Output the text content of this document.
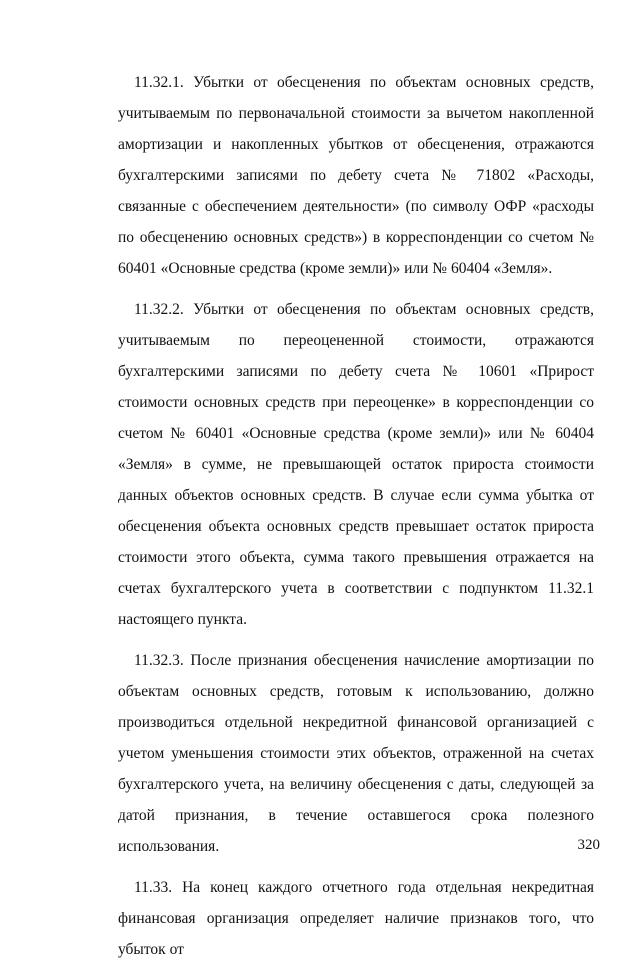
11.32.1. Убытки от обесценения по объектам основных средств, учитываемым по первоначальной стоимости за вычетом накопленной амортизации и накопленных убытков от обесценения, отражаются бухгалтерскими записями по дебету счета № 71802 «Расходы, связанные с обеспечением деятельности» (по символу ОФР «расходы по обесценению основных средств») в корреспонденции со счетом № 60401 «Основные средства (кроме земли)» или № 60404 «Земля».

11.32.2. Убытки от обесценения по объектам основных средств, учитываемым по переоцененной стоимости, отражаются бухгалтерскими записями по дебету счета № 10601 «Прирост стоимости основных средств при переоценке» в корреспонденции со счетом № 60401 «Основные средства (кроме земли)» или № 60404 «Земля» в сумме, не превышающей остаток прироста стоимости данных объектов основных средств. В случае если сумма убытка от обесценения объекта основных средств превышает остаток прироста стоимости этого объекта, сумма такого превышения отражается на счетах бухгалтерского учета в соответствии с подпунктом 11.32.1 настоящего пункта.

11.32.3. После признания обесценения начисление амортизации по объектам основных средств, готовым к использованию, должно производиться отдельной некредитной финансовой организацией с учетом уменьшения стоимости этих объектов, отраженной на счетах бухгалтерского учета, на величину обесценения с даты, следующей за датой признания, в течение оставшегося срока полезного использования.

11.33. На конец каждого отчетного года отдельная некредитная финансовая организация определяет наличие признаков того, что убыток от

320
